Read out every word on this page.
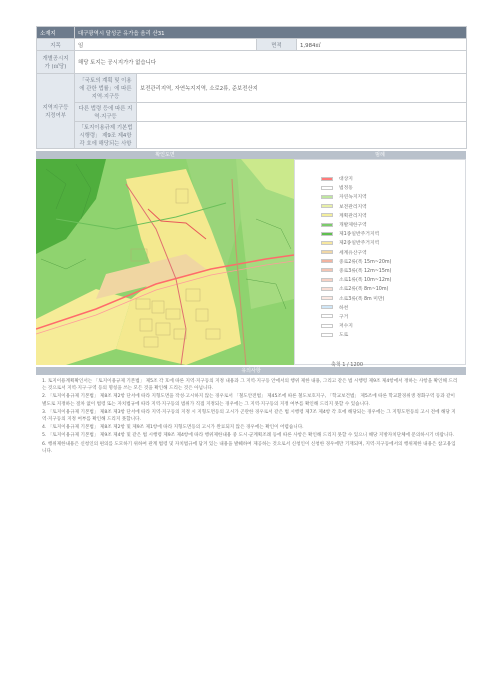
소재지	대구광역시 달성군 유가읍 음리 산31			
지목	임		면적	1,984㎡
개별공시지가 (㎡당)	해당 토지는 공시지가가 없습니다			
지역지구등 지정여부	「국토의 계획 및 이용에 관한 법률」에 따른 지역·지구등	보전관리지역, 자연녹지지역, 소로2류, 준보전산지		
	다른 법령 등에 따른 지역·지구등			
	「토지이용규제 기본법 시행령」 제9조 제4항 각 호에 해당되는 사항			
확인도면	범례
대상지
법정동
자연녹지지역
보전관리지역
계획관리지역
개발제한구역
제1종일반주거지역
제2종일반주거지역
세계유산구역
중로2류(폭 15m~20m)
중로3류(폭 12m~15m)
소로1류(폭 10m~12m)
소로2류(폭 8m~10m)
소로3류(폭 8m 미만)
하천
구거
저수지
도로
축척 1 / 1200
유의사항

1. 토지이용계획확인서는 「토지이용규제 기본법」 제5조 각 호에 따른 지역·지구등의 지정 내용과 그 지역·지구등 안에서의 행위 제한 내용, 그리고 같은 법 시행령 제9조 제4항에서 정하는 사항을 확인해 드리는 것으로서 지역·지구·구역 등의 명칭을 쓰는 모든 것을 확인해 드리는 것은 아닙니다.

2. 「토지이용규제 기본법」 제8조 제2항 단서에 따라 지형도면을 작성·고시하지 않는 경우로서 「철도안전법」 제45조에 따른 철도보호지구, 「학교보건법」 제5조에 따른 학교환경위생 정화구역 등과 같이 별도로 지정하는 절차 없이 법령 또는 자치법규에 따라 지역·지구등의 범위가 직접 지정되는 경우에는 그 지역·지구등의 지정 여부를 확인해 드리지 못할 수 있습니다.

3. 「토지이용규제 기본법」 제8조 제3항 단서에 따라 지역·지구등의 지정 시 지형도면등의 고시가 곤란한 경우로서 같은 법 시행령 제7조 제4항 각 호에 해당되는 경우에는 그 지형도면등의 고시 전에 해당 지역·지구등의 지정 여부를 확인해 드리지 못합니다.

4. 「토지이용규제 기본법」 제8조 제2항 및 제9조 제1항에 따라 지형도면등의 고시가 완료되지 않은 경우에는 확인이 어렵습니다.

5. 「토지이용규제 기본법」 제9조 제4항 및 같은 법 시행령 제9조 제4항에 따라 행위제한내용 중 도시·군계획조례 등에 따른 사항은 확인해 드리지 못할 수 있으니 해당 지방자치단체에 문의하시기 바랍니다.

6. 행위제한내용은 신청인의 편의를 도모하기 위하여 관계 법령 및 자치법규에 담겨 있는 내용을 발췌하여 제공하는 것으로서 신청인이 신청한 경우에만 기재되며, 지역·지구등에서의 행위제한 내용은 참고용입니다.
